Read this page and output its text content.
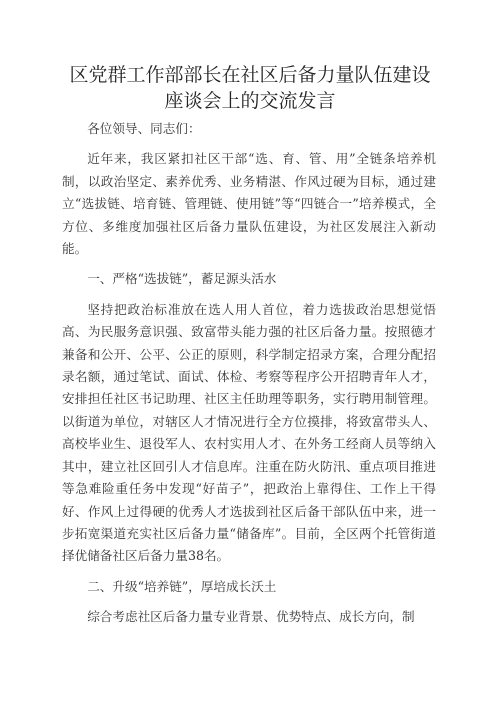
区党群工作部部长在社区后备力量队伍建设
座谈会上的交流发言

各位领导、同志们：

近年来，我区紧扣社区干部“选、育、管、用”全链条培养机制，以政治坚定、素养优秀、业务精湛、作风过硬为目标，通过建立“选拔链、培育链、管理链、使用链”等“四链合一”培养模式，全方位、多维度加强社区后备力量队伍建设，为社区发展注入新动能。

一、严格“选拔链”，蓄足源头活水

坚持把政治标准放在选人用人首位，着力选拔政治思想觉悟高、为民服务意识强、致富带头能力强的社区后备力量。按照德才兼备和公开、公平、公正的原则，科学制定招录方案，合理分配招录名额，通过笔试、面试、体检、考察等程序公开招聘青年人才，安排担任社区书记助理、社区主任助理等职务，实行聘用制管理。以街道为单位，对辖区人才情况进行全方位摸排，将致富带头人、高校毕业生、退役军人、农村实用人才、在外务工经商人员等纳入其中，建立社区回引人才信息库。注重在防火防汛、重点项目推进等急难险重任务中发现“好苗子”，把政治上靠得住、工作上干得好、作风上过得硬的优秀人才选拔到社区后备干部队伍中来，进一步拓宽渠道充实社区后备力量“储备库”。目前，全区两个托管街道择优储备社区后备力量38名。

二、升级“培养链”，厚培成长沃土

综合考虑社区后备力量专业背景、优势特点、成长方向，制
